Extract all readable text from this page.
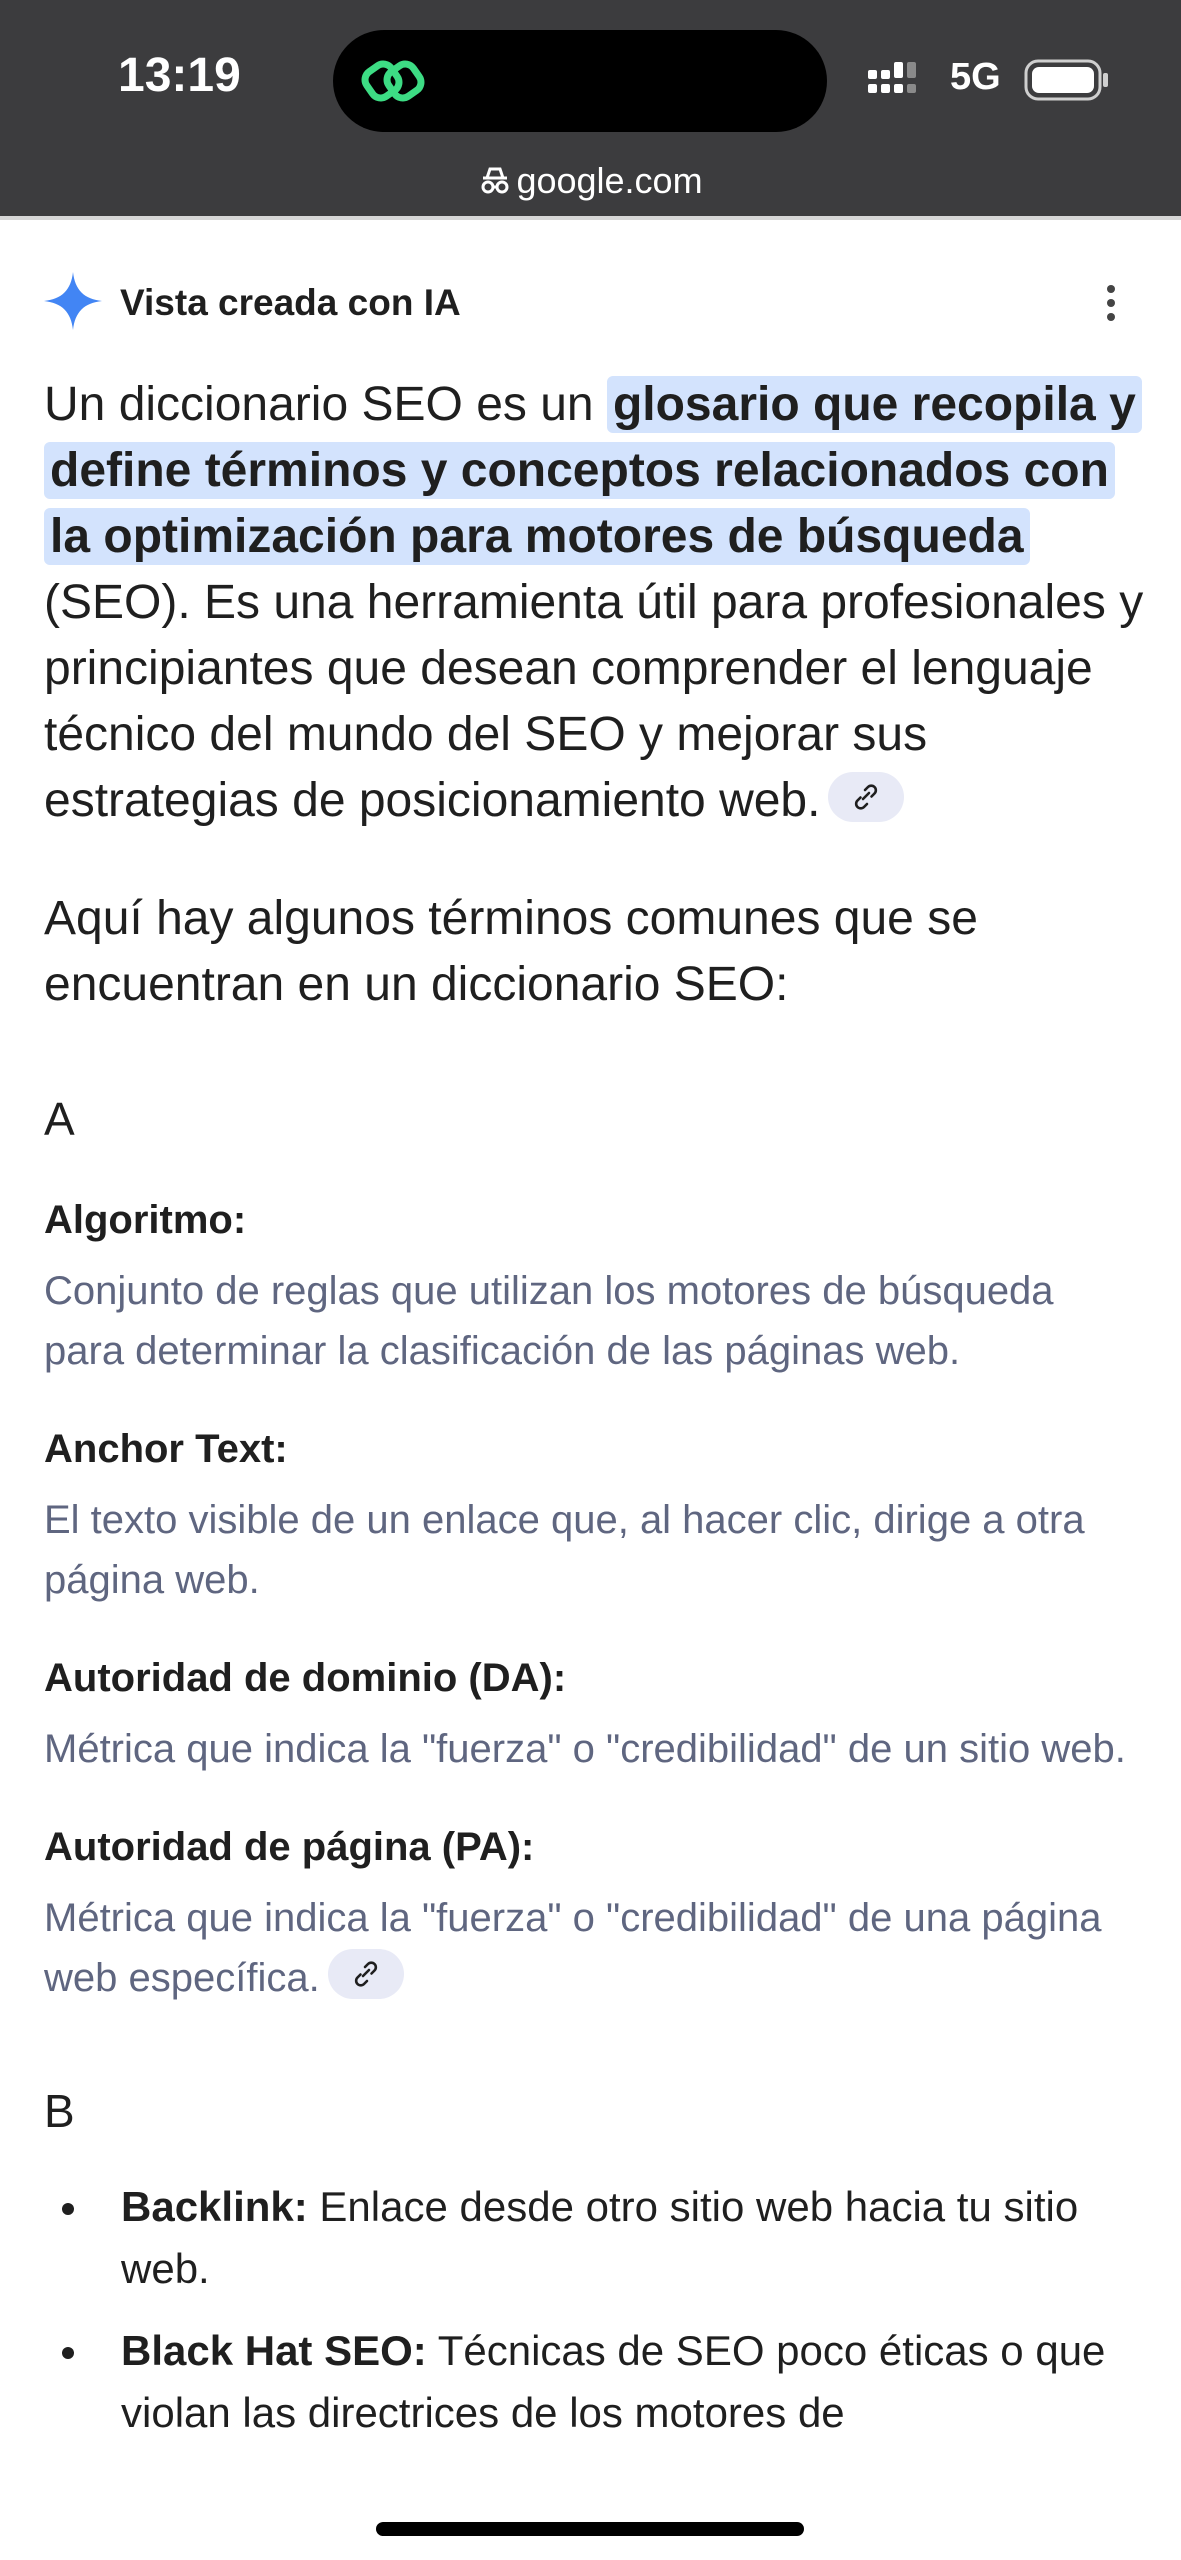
13:19	5G
google.com
Vista creada con IA

Un diccionario SEO es un glosario que recopila y define términos y conceptos relacionados con la optimización para motores de búsqueda (SEO). Es una herramienta útil para profesionales y principiantes que desean comprender el lenguaje técnico del mundo del SEO y mejorar sus estrategias de posicionamiento web.

Aquí hay algunos términos comunes que se encuentran en un diccionario SEO:

A
Algoritmo:
Conjunto de reglas que utilizan los motores de búsqueda para determinar la clasificación de las páginas web.
Anchor Text:
El texto visible de un enlace que, al hacer clic, dirige a otra página web.
Autoridad de dominio (DA):
Métrica que indica la "fuerza" o "credibilidad" de un sitio web.
Autoridad de página (PA):
Métrica que indica la "fuerza" o "credibilidad" de una página web específica.
B
Backlink: Enlace desde otro sitio web hacia tu sitio web.
Black Hat SEO: Técnicas de SEO poco éticas o que violan las directrices de los motores de
